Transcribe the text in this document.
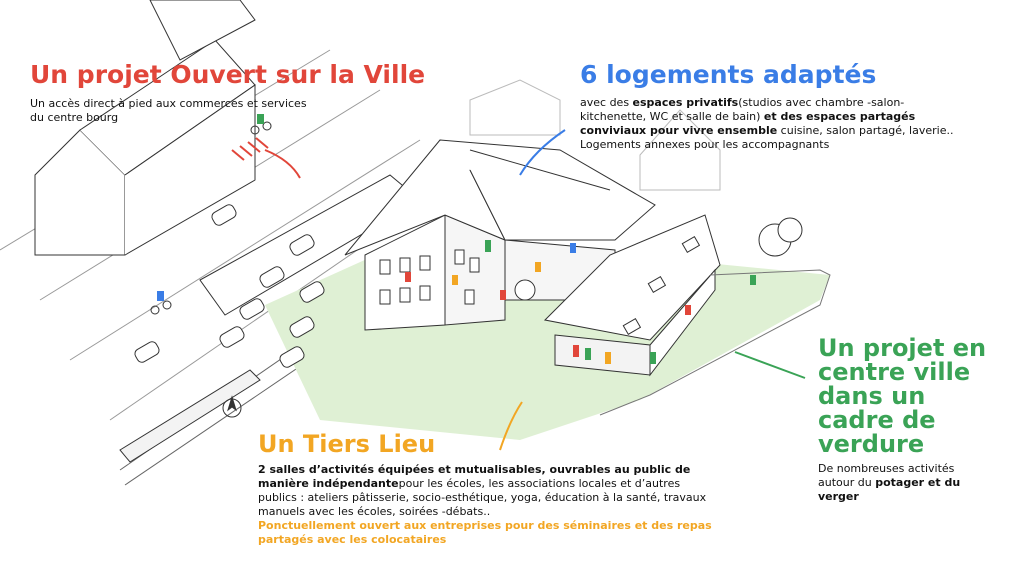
Un projet Ouvert sur la Ville

Un accès direct à pied aux commerces et services

du centre bourg

6 logements adaptés

avec des espaces privatifs(studios avec chambre -salon-

kitchenette, WC et salle de bain) et des espaces partagés

conviviaux pour vivre ensemble cuisine, salon partagé, laverie..

Logements annexes pour les accompagnants

Un projet en

centre ville

dans un

cadre de

verdure

De nombreuses activités

autour du potager et du

verger

Un Tiers Lieu

2 salles d’activités équipées et mutualisables, ouvrables au public de

manière indépendantepour les écoles, les associations locales et d’autres

publics : ateliers pâtisserie, socio-esthétique, yoga, éducation à la santé, travaux

manuels avec les écoles, soirées -débats..

Ponctuellement ouvert aux entreprises pour des séminaires et des repas

partagés avec les colocataires
